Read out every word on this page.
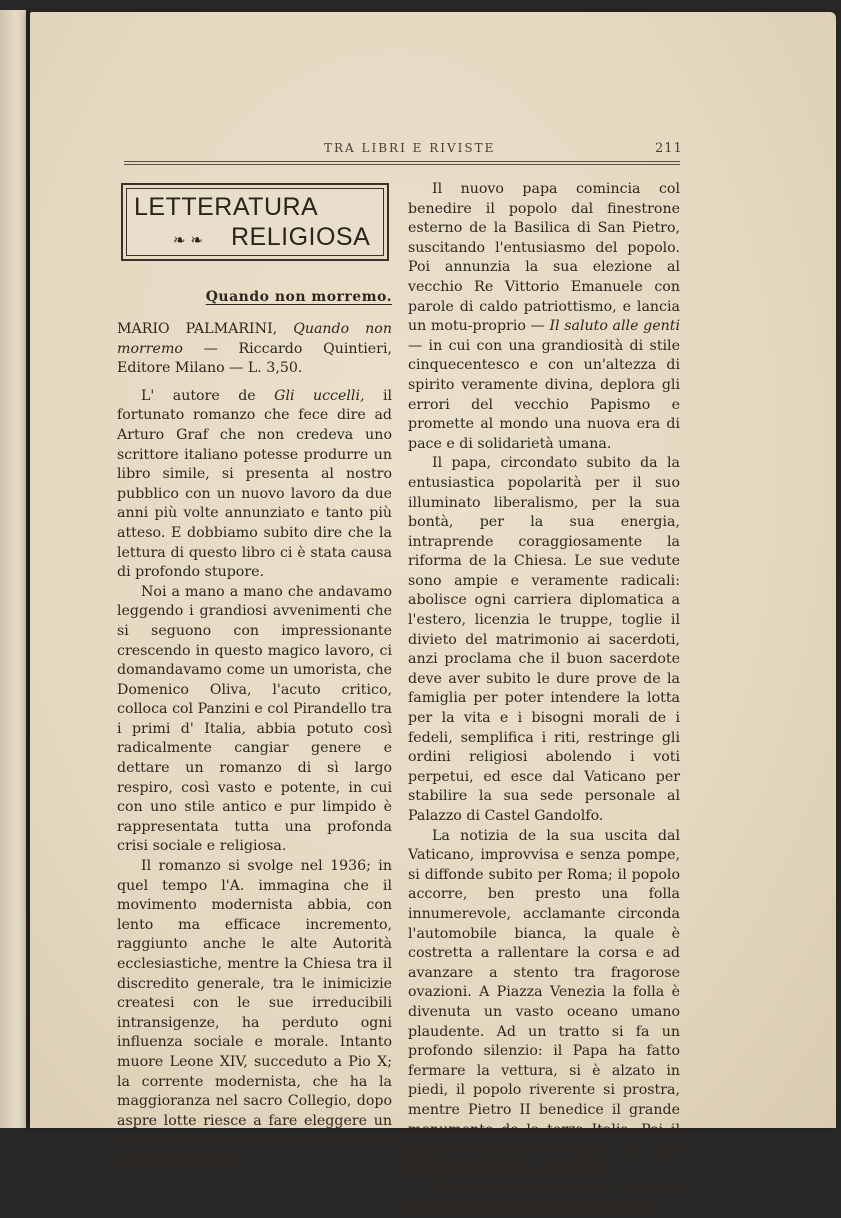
TRA LIBRI E RIVISTE	211
LETTERATURA
❧ ❧ RELIGIOSA
Quando non morremo.

MARIO PALMARINI, Quando non morremo — Riccardo Quintieri, Editore Milano — L. 3,50.

L' autore de Gli uccelli, il fortunato romanzo che fece dire ad Arturo Graf che non credeva uno scrittore italiano potesse produrre un libro simile, si presenta al nostro pubblico con un nuovo lavoro da due anni più volte annunziato e tanto più atteso. E dobbiamo subito dire che la lettura di questo libro ci è stata causa di profondo stupore.

Noi a mano a mano che andavamo leggendo i grandiosi avvenimenti che si seguono con impressionante crescendo in questo magico lavoro, ci domandavamo come un umorista, che Domenico Oliva, l'acuto critico, colloca col Panzini e col Pirandello tra i primi d' Italia, abbia potuto così radicalmente cangiar genere e dettare un romanzo di sì largo respiro, così vasto e potente, in cui con uno stile antico e pur limpido è rappresentata tutta una profonda crisi sociale e religiosa.

Il romanzo si svolge nel 1936; in quel tempo l'A. immagina che il movimento modernista abbia, con lento ma efficace incremento, raggiunto anche le alte Autorità ecclesiastiche, mentre la Chiesa tra il discredito generale, tra le inimicizie createsi con le sue irreducibili intransigenze, ha perduto ogni influenza sociale e morale. Intanto muore Leone XIV, succeduto a Pio X; la corrente modernista, che ha la maggioranza nel sacro Collegio, dopo aspre lotte riesce a fare eleggere un suo candidato che osa assumere il nome di Pietro II.

Il nuovo papa comincia col benedire il popolo dal finestrone esterno de la Basilica di San Pietro, suscitando l'entusiasmo del popolo. Poi annunzia la sua elezione al vecchio Re Vittorio Emanuele con parole di caldo patriottismo, e lancia un motu-proprio — Il saluto alle genti — in cui con una grandiosità di stile cinquecentesco e con un'altezza di spirito veramente divina, deplora gli errori del vecchio Papismo e promette al mondo una nuova era di pace e di solidarietà umana.

Il papa, circondato subito da la entusiastica popolarità per il suo illuminato liberalismo, per la sua bontà, per la sua energia, intraprende coraggiosamente la riforma de la Chiesa. Le sue vedute sono ampie e veramente radicali: abolisce ogni carriera diplomatica a l'estero, licenzia le truppe, toglie il divieto del matrimonio ai sacerdoti, anzi proclama che il buon sacerdote deve aver subito le dure prove de la famiglia per poter intendere la lotta per la vita e i bisogni morali de i fedeli, semplifica i riti, restringe gli ordini religiosi abolendo i voti perpetui, ed esce dal Vaticano per stabilire la sua sede personale al Palazzo di Castel Gandolfo.

La notizia de la sua uscita dal Vaticano, improvvisa e senza pompe, si diffonde subito per Roma; il popolo accorre, ben presto una folla innumerevole, acclamante circonda l'automobile bianca, la quale è costretta a rallentare la corsa e ad avanzare a stento tra fragorose ovazioni. A Piazza Venezia la folla è divenuta un vasto oceano umano plaudente. Ad un tratto si fa un profondo silenzio: il Papa ha fatto fermare la vettura, si è alzato in piedi, il popolo riverente si prostra, mentre Pietro II benedice il grande monumento de la terza Italia. Poi il popolo delirante scoppia in una nuova tempestosa ovazione.

Questo è un capitolo che fa passare un brivido di commozione.
